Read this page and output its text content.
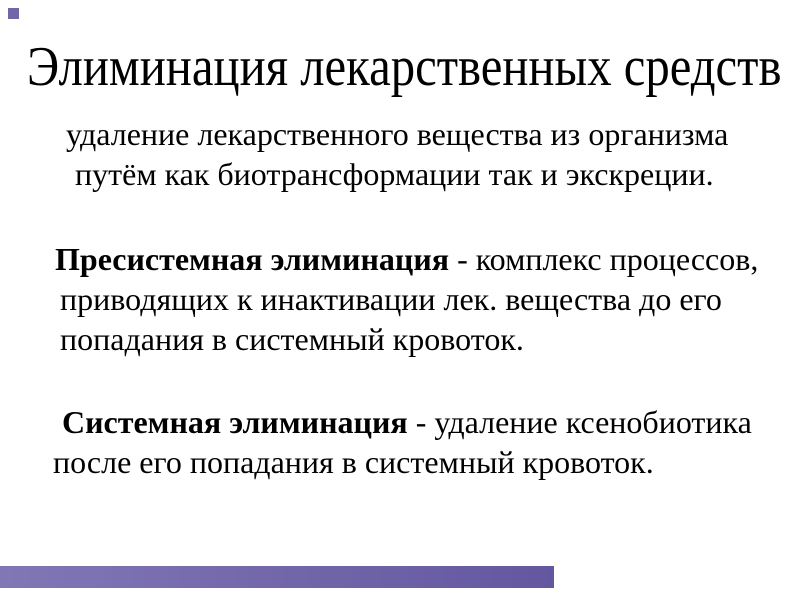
Элиминация лекарственных средств
удаление лекарственного вещества из организма
путём как биотрансформации так и экскреции.
Пресистемная элиминация - комплекс процессов,
приводящих к инактивации лек. вещества до его
попадания в системный кровоток.
Системная элиминация - удаление ксенобиотика
после его попадания в системный кровоток.
